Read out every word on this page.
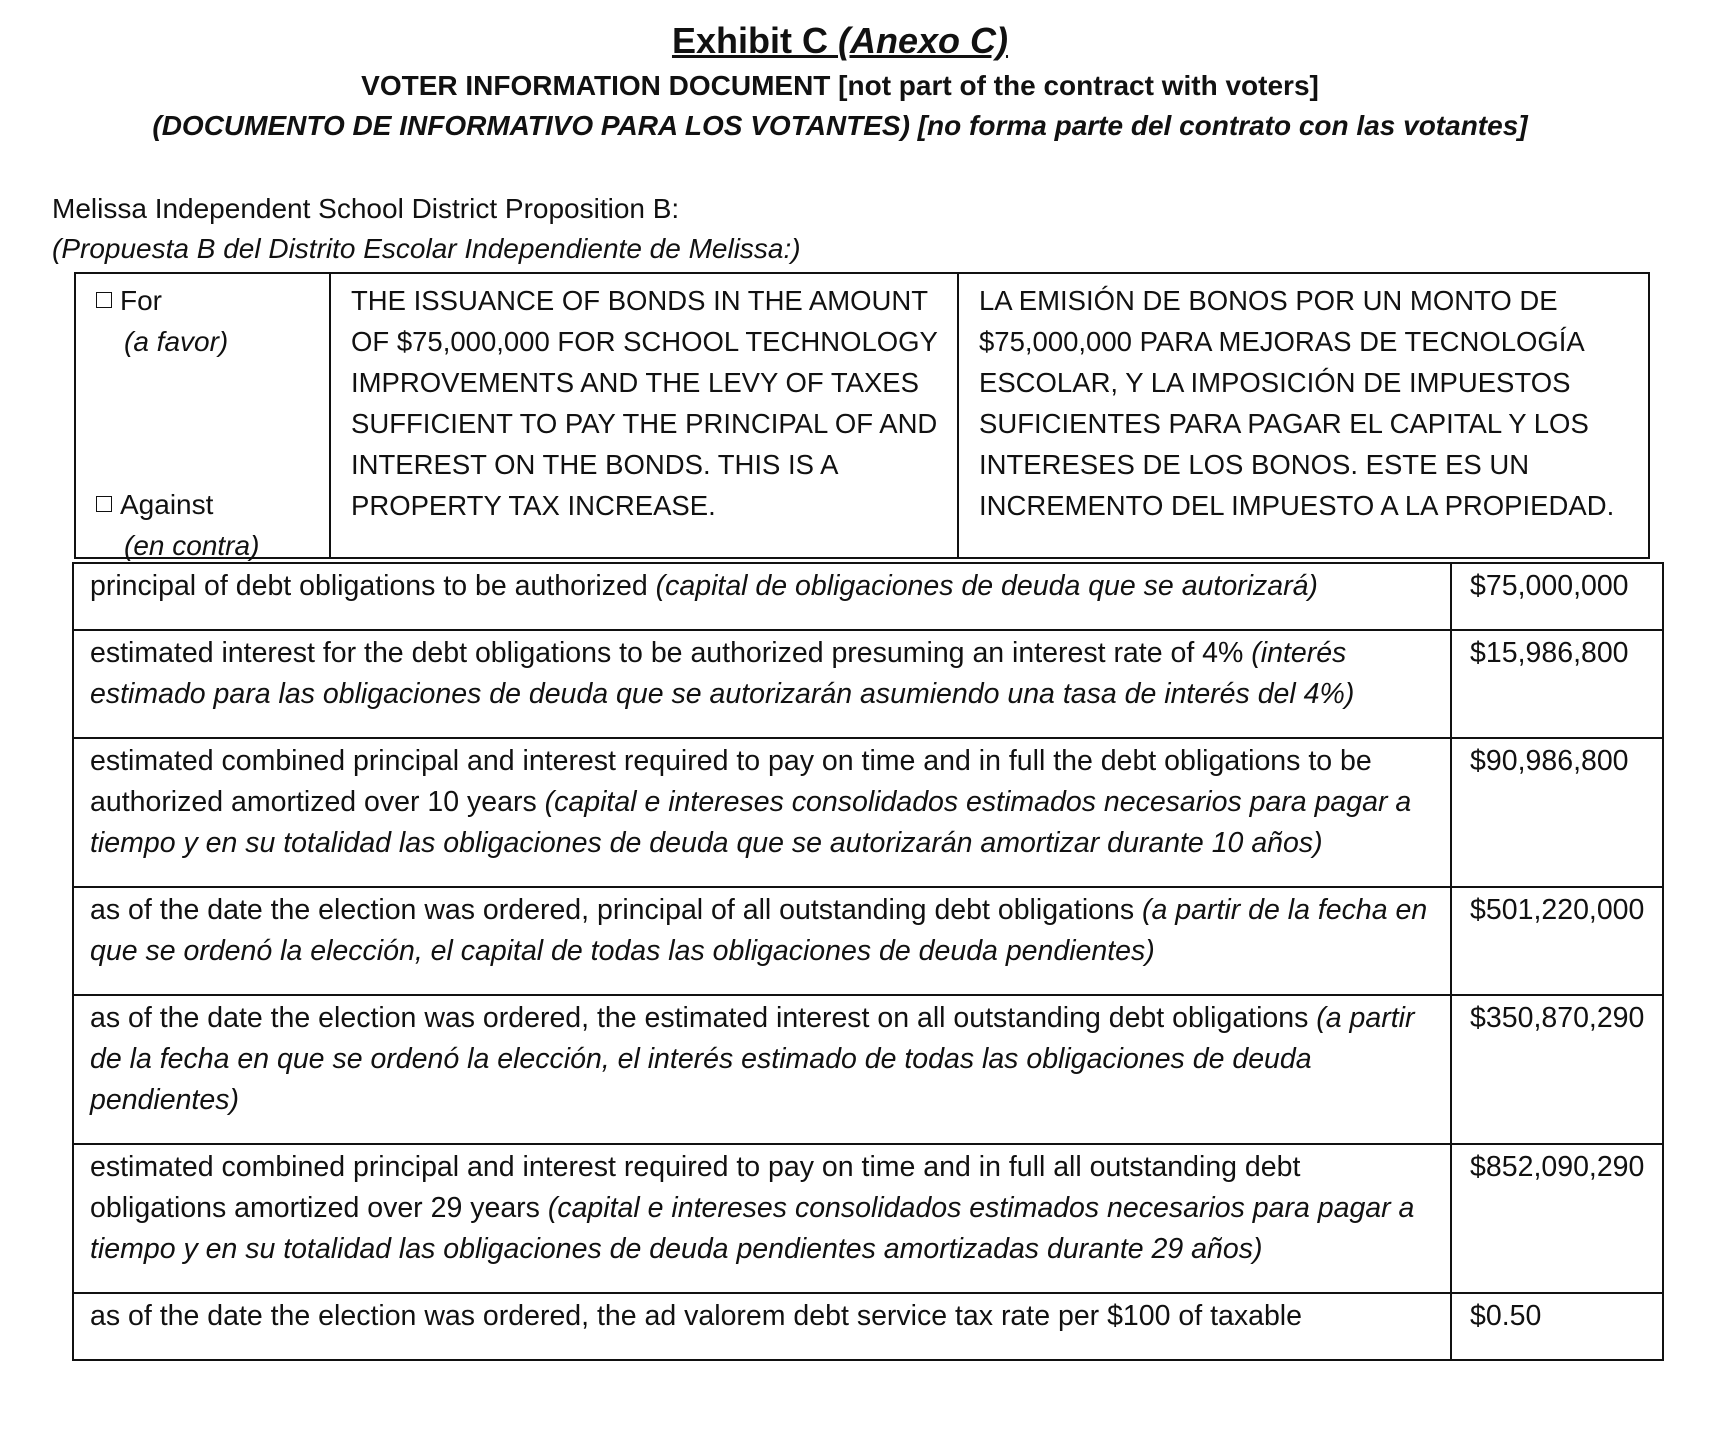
Exhibit C (Anexo C)
VOTER INFORMATION DOCUMENT [not part of the contract with voters]
(DOCUMENTO DE INFORMATIVO PARA LOS VOTANTES) [no forma parte del contrato con las votantes]
Melissa Independent School District Proposition B:
(Propuesta B del Distrito Escolar Independiente de Melissa:)
For
(a favor)
Against
(en contra)
THE ISSUANCE OF BONDS IN THE AMOUNT OF $75,000,000 FOR SCHOOL TECHNOLOGY IMPROVEMENTS AND THE LEVY OF TAXES SUFFICIENT TO PAY THE PRINCIPAL OF AND INTEREST ON THE BONDS. THIS IS A PROPERTY TAX INCREASE.
LA EMISIÓN DE BONOS POR UN MONTO DE $75,000,000 PARA MEJORAS DE TECNOLOGÍA ESCOLAR, Y LA IMPOSICIÓN DE IMPUESTOS SUFICIENTES PARA PAGAR EL CAPITAL Y LOS INTERESES DE LOS BONOS. ESTE ES UN INCREMENTO DEL IMPUESTO A LA PROPIEDAD.
principal of debt obligations to be authorized (capital de obligaciones de deuda que se autorizará)	$75,000,000
estimated interest for the debt obligations to be authorized presuming an interest rate of 4% (interés estimado para las obligaciones de deuda que se autorizarán asumiendo una tasa de interés del 4%)	$15,986,800
estimated combined principal and interest required to pay on time and in full the debt obligations to be authorized amortized over 10 years (capital e intereses consolidados estimados necesarios para pagar a tiempo y en su totalidad las obligaciones de deuda que se autorizarán amortizar durante 10 años)	$90,986,800
as of the date the election was ordered, principal of all outstanding debt obligations (a partir de la fecha en que se ordenó la elección, el capital de todas las obligaciones de deuda pendientes)	$501,220,000
as of the date the election was ordered, the estimated interest on all outstanding debt obligations (a partir de la fecha en que se ordenó la elección, el interés estimado de todas las obligaciones de deuda pendientes)	$350,870,290
estimated combined principal and interest required to pay on time and in full all outstanding debt obligations amortized over 29 years (capital e intereses consolidados estimados necesarios para pagar a tiempo y en su totalidad las obligaciones de deuda pendientes amortizadas durante 29 años)	$852,090,290
as of the date the election was ordered, the ad valorem debt service tax rate per $100 of taxable	$0.50
